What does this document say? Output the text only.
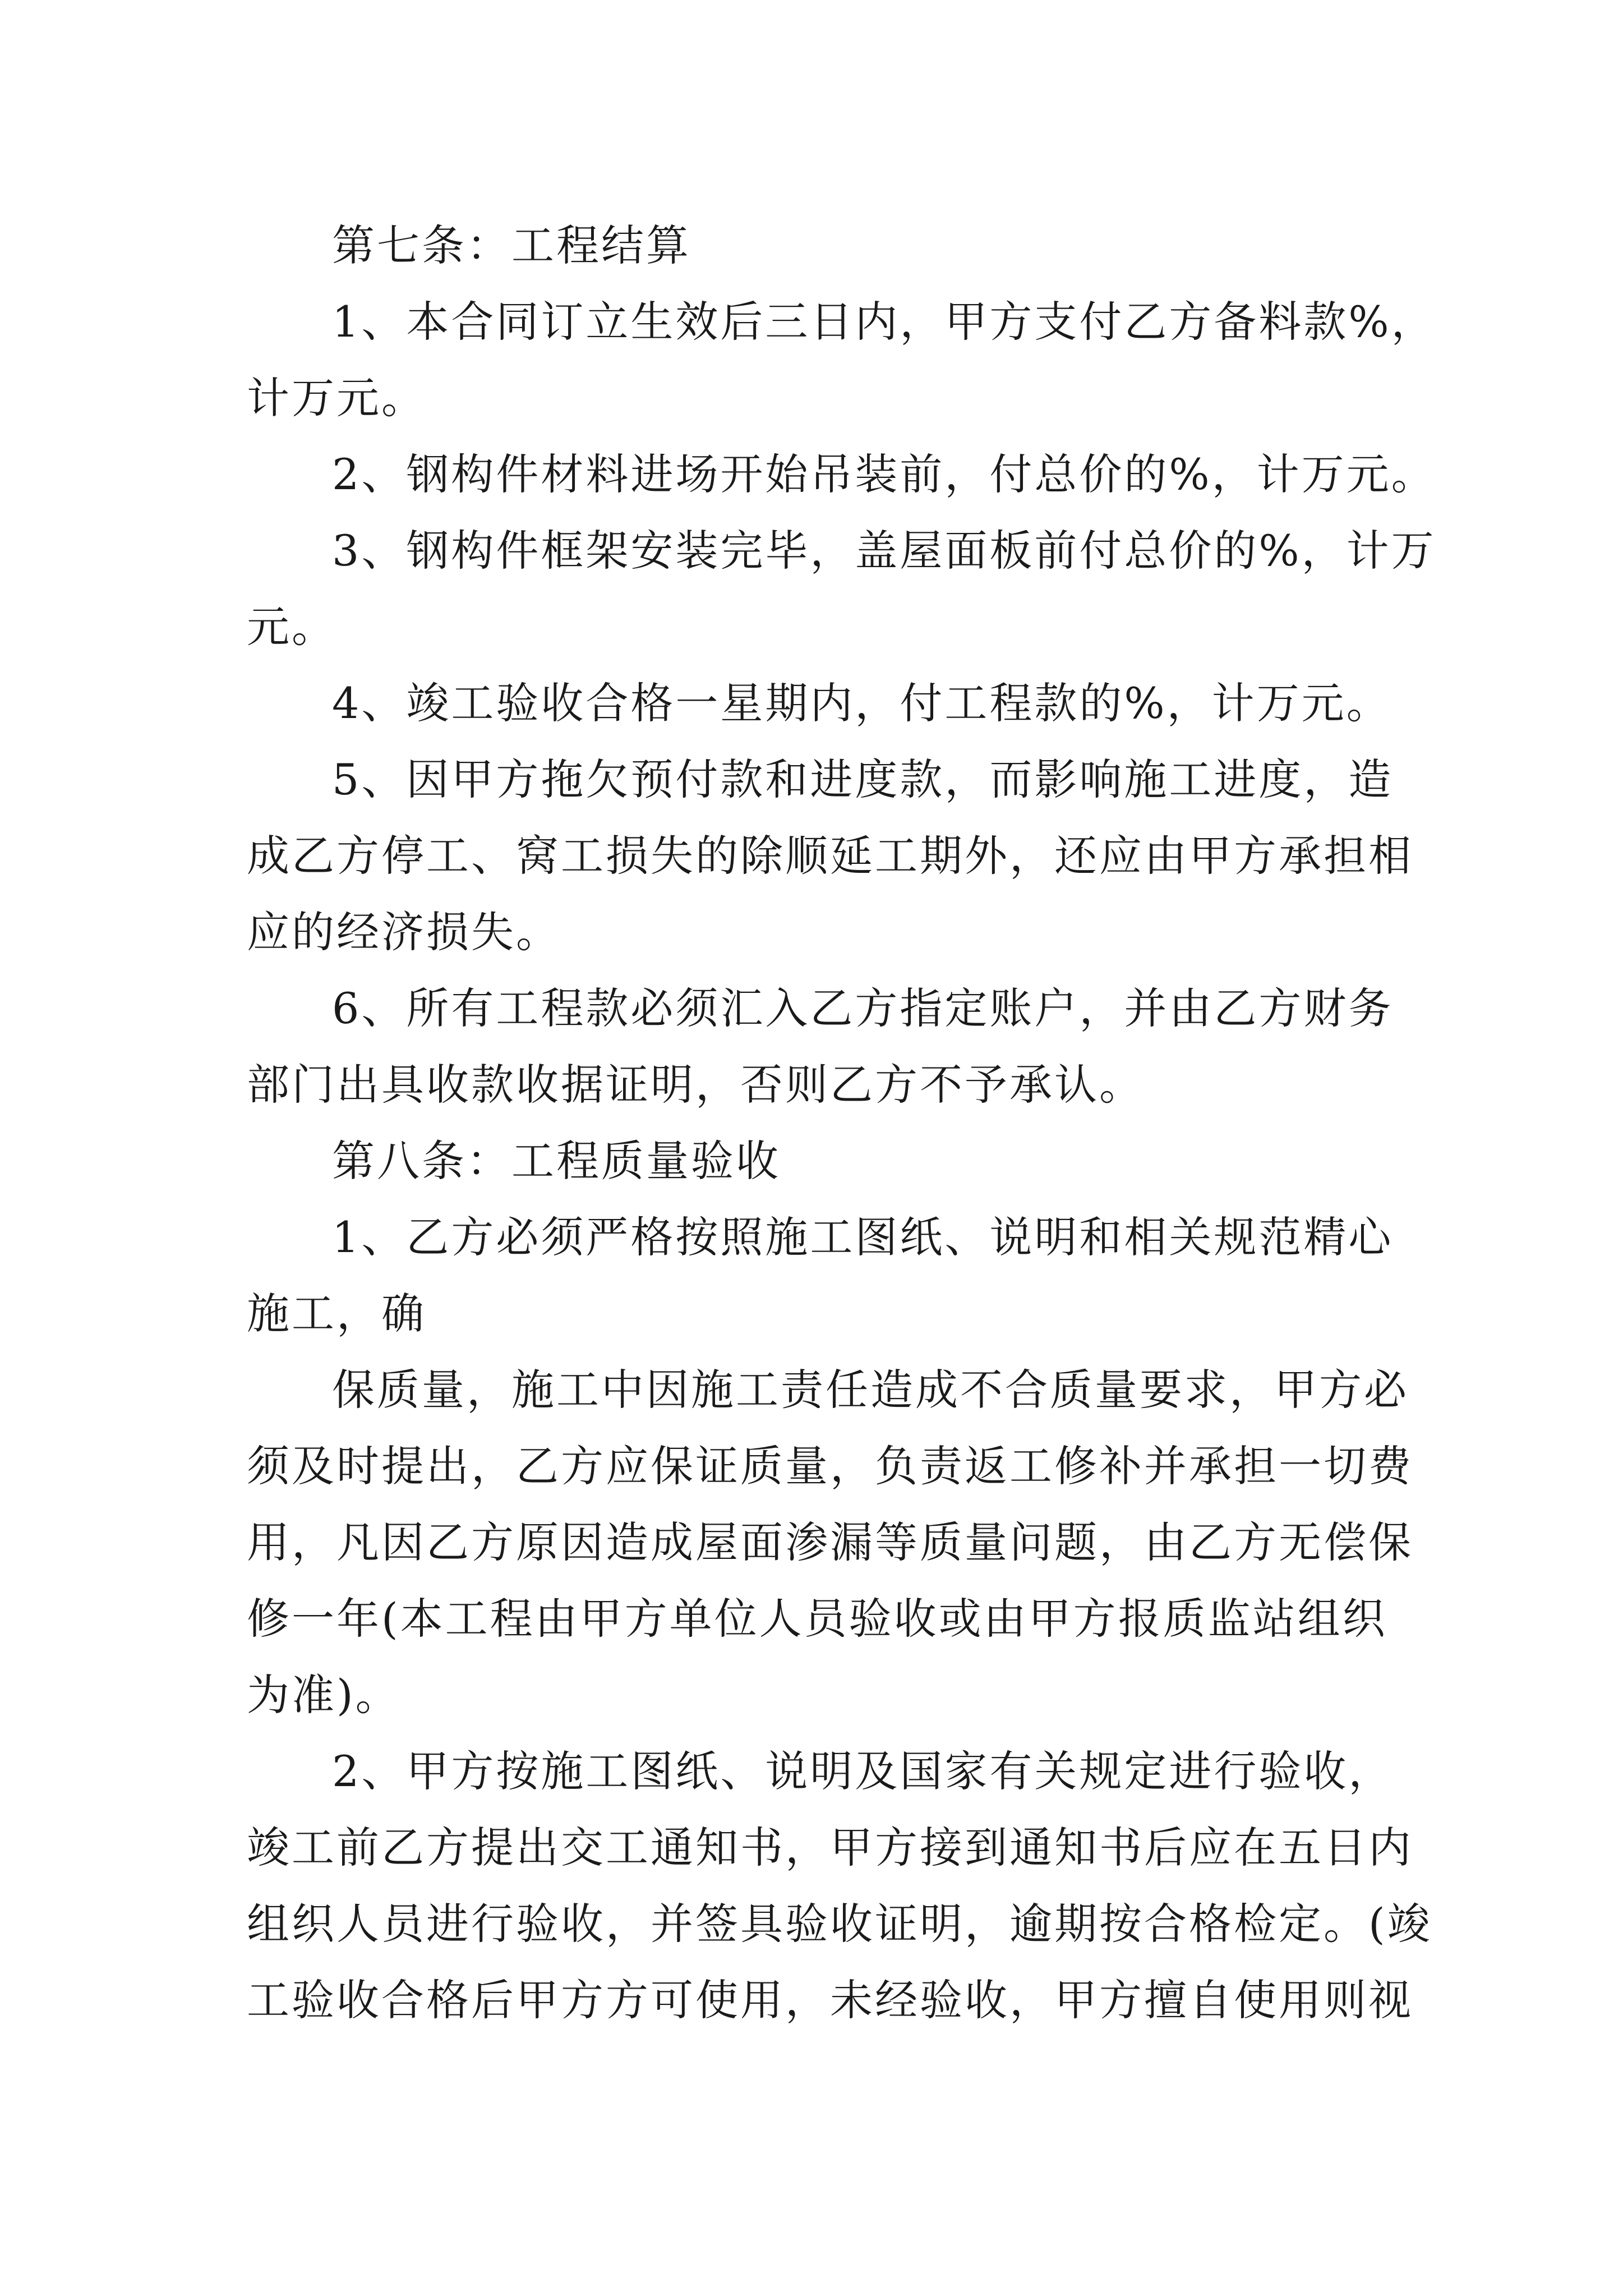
第七条：工程结算
1、本合同订立生效后三日内，甲方支付乙方备料款%，
计万元。
2、钢构件材料进场开始吊装前，付总价的%，计万元。
3、钢构件框架安装完毕，盖屋面板前付总价的%，计万
元。
4、竣工验收合格一星期内，付工程款的%，计万元。
5、因甲方拖欠预付款和进度款，而影响施工进度，造
成乙方停工、窝工损失的除顺延工期外，还应由甲方承担相
应的经济损失。
6、所有工程款必须汇入乙方指定账户，并由乙方财务
部门出具收款收据证明，否则乙方不予承认。
第八条：工程质量验收
1、乙方必须严格按照施工图纸、说明和相关规范精心
施工，确
保质量，施工中因施工责任造成不合质量要求，甲方必
须及时提出，乙方应保证质量，负责返工修补并承担一切费
用，凡因乙方原因造成屋面渗漏等质量问题，由乙方无偿保
修一年(本工程由甲方单位人员验收或由甲方报质监站组织
为准)。
2、甲方按施工图纸、说明及国家有关规定进行验收，
竣工前乙方提出交工通知书，甲方接到通知书后应在五日内
组织人员进行验收，并签具验收证明，逾期按合格检定。(竣
工验收合格后甲方方可使用，未经验收，甲方擅自使用则视
